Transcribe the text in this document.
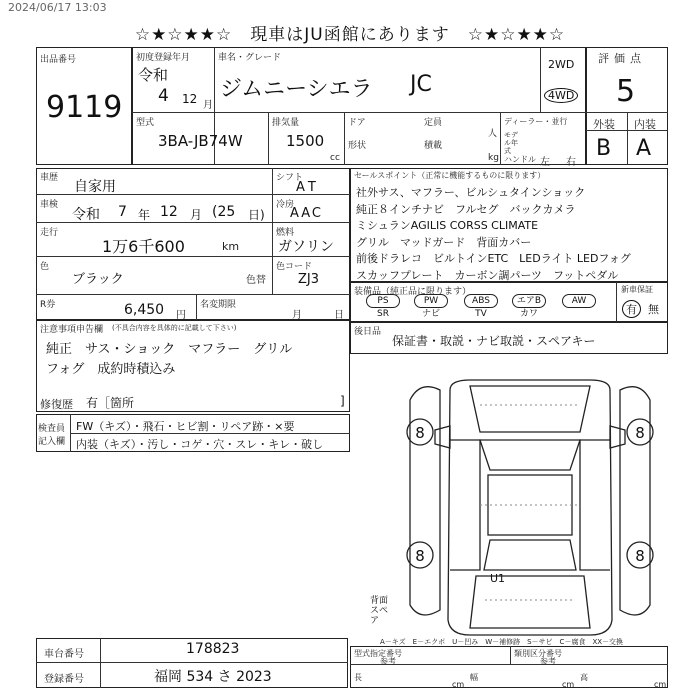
2024/06/17 13:03
☆★☆★★☆　現車はJU函館にあります　☆★☆★★☆
出品番号
9119
初度登録年月
令和
4 12 月
車名・グレード
ジムニーシエラ JC
2WD
4WD
型式
3BA-JB74W
排気量
1500
cc
ドア	定員
人
形状	積載
kg
ディーラー・並行
モデル年式
ハンドル 左 右
評価点
5
外装 内装
B A
車歴
自家用
車検
令和 7 年 12 月 (25 日)
走行
1万6千600	km
シフト
AT
冷房
AAC
燃料
ガソリン
色
ブラック	色替
色コード
ZJ3
R券	6,450 円
名変期限
月	日
セールスポイント（正常に機能するものに限ります）
社外サス、マフラー、ビルシュタインショック
純正８インチナビ　フルセグ　バックカメラ
ミシュランAGILIS CORSS CLIMATE
グリル　マッドガード　背面カバー
前後ドラレコ　ビルトインETC　LEDライト LEDフォグ
スカッフプレート　カーボン調パーツ　フットペダル
装備品（純正品に限ります）	新車保証
有	無
PS	PW	ABS	エアB	AW
SR	ナビ	TV	カワ
注意事項申告欄 (不具合内容を具体的に記載して下さい)
純正　サス・ショック　マフラー　グリル
フォグ　成約時積込み
修復歴 有［箇所	]
後日品
保証書・取説・ナビ取説・スペアキー
検査員
記入欄
FW（キズ）・飛石・ヒビ割・リペア跡・×要
内装（キズ）・汚し・コゲ・穴・スレ・キレ・破し
8	8
8	8
U1
背面スペア
A－キズ　E－エクボ　U－凹み　W－補修跡　S－サビ　C－腐食　XX－交換
車台番号	178823
登録番号	福岡 534 さ 2023
型式指定番号
参考
類別区分番号
参考
長	幅	高
cm	cm	cm
